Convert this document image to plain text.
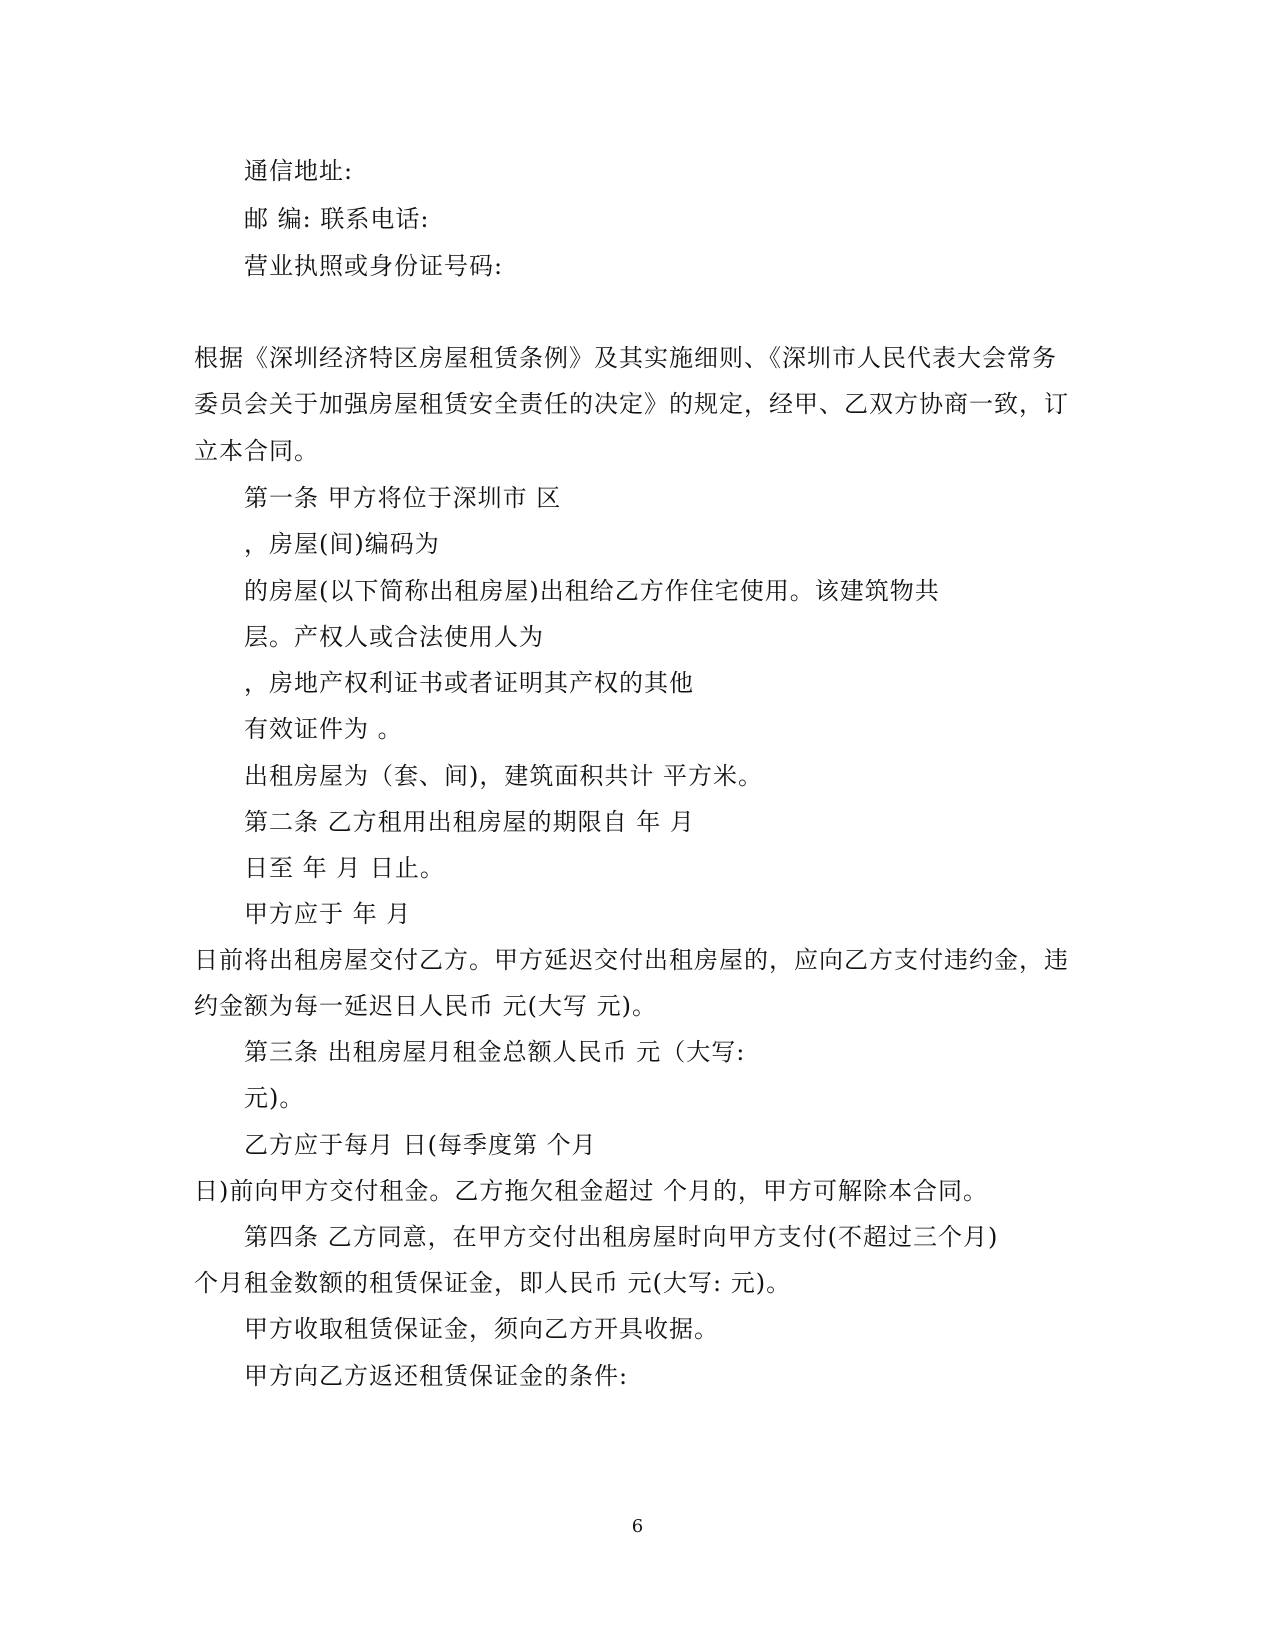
通信地址:
邮 编: 联系电话:
营业执照或身份证号码:
根据《深圳经济特区房屋租赁条例》及其实施细则、《深圳市人民代表大会常务
委员会关于加强房屋租赁安全责任的决定》的规定，经甲、乙双方协商一致，订
立本合同。
第一条 甲方将位于深圳市 区
，房屋(间)编码为
的房屋(以下简称出租房屋)出租给乙方作住宅使用。该建筑物共
层。产权人或合法使用人为
，房地产权利证书或者证明其产权的其他
有效证件为 。
出租房屋为（套、间)，建筑面积共计 平方米。
第二条 乙方租用出租房屋的期限自 年 月
日至 年 月 日止。
甲方应于 年 月
日前将出租房屋交付乙方。甲方延迟交付出租房屋的，应向乙方支付违约金，违
约金额为每一延迟日人民币 元(大写 元)。
第三条 出租房屋月租金总额人民币 元（大写:
元)。
乙方应于每月 日(每季度第 个月
日)前向甲方交付租金。乙方拖欠租金超过 个月的，甲方可解除本合同。
第四条 乙方同意，在甲方交付出租房屋时向甲方支付(不超过三个月)
个月租金数额的租赁保证金，即人民币 元(大写: 元)。
甲方收取租赁保证金，须向乙方开具收据。
甲方向乙方返还租赁保证金的条件:
6
